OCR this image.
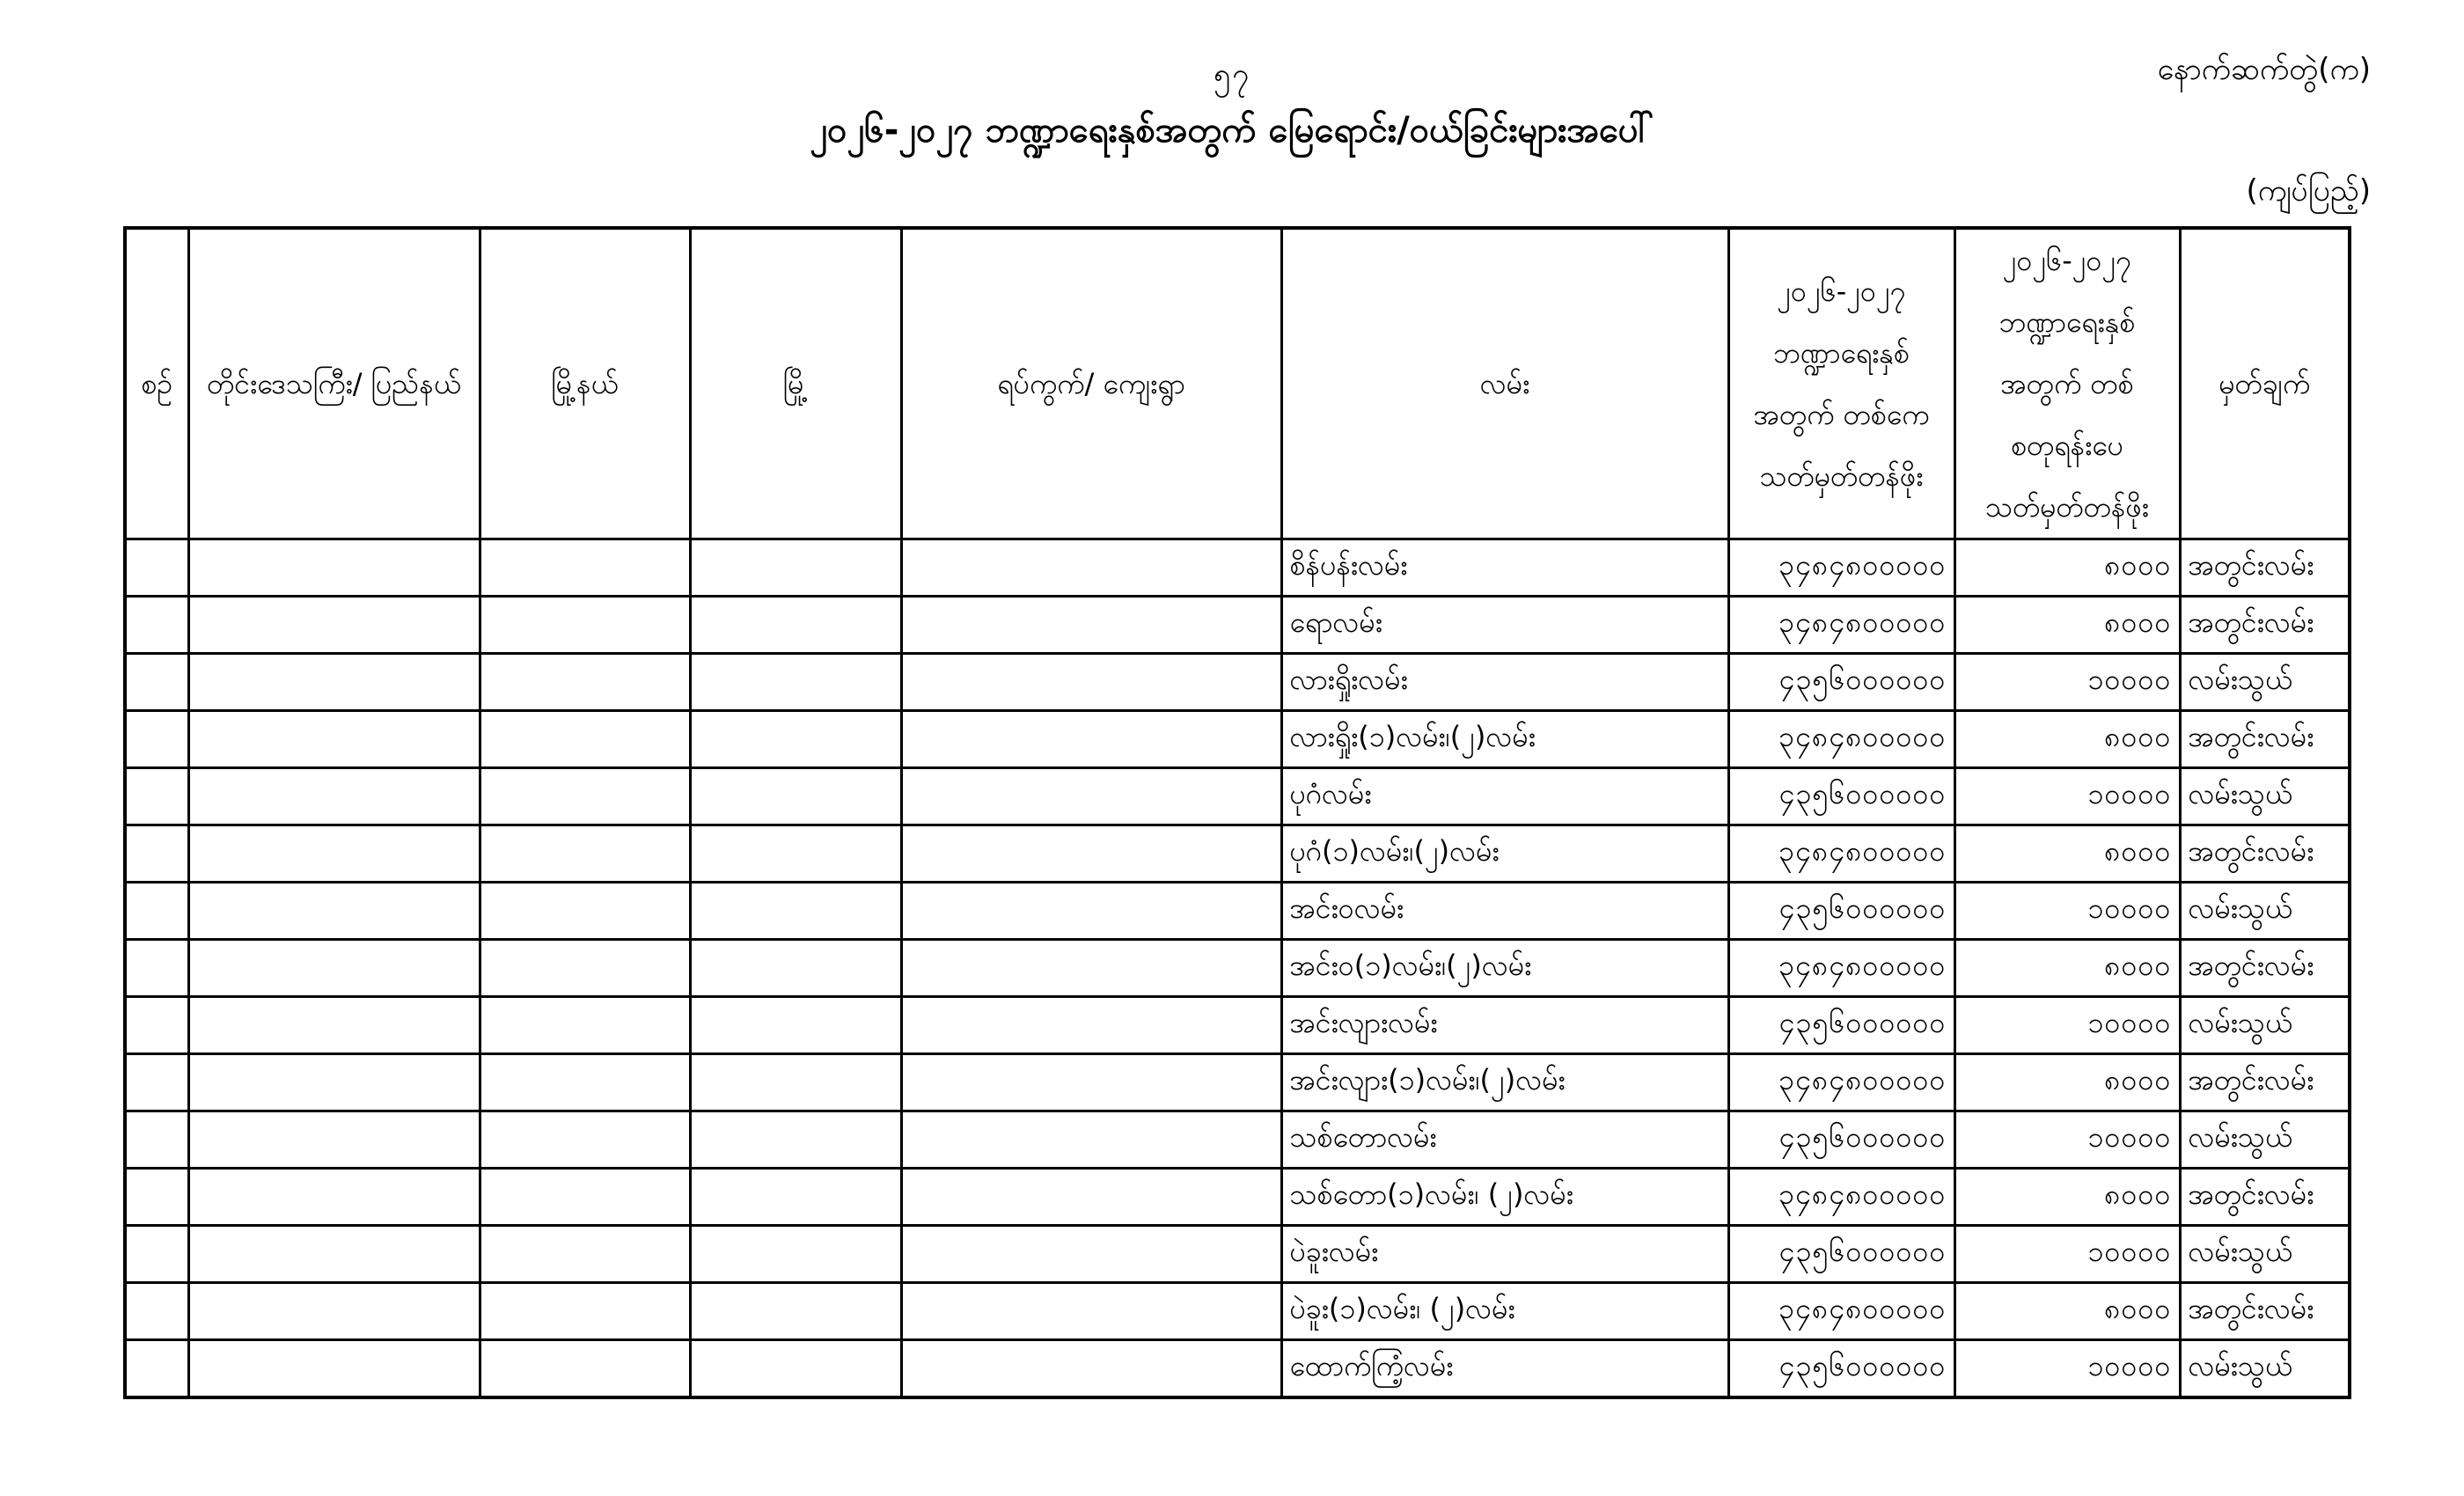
၅၇	နောက်ဆက်တွဲ(က)
၂၀၂၆-၂၀၂၇ ဘဏ္ဍာရေးနှစ်အတွက် မြေရောင်း/ဝယ်ခြင်းများအပေါ်
(ကျပ်ပြည့်)
စဉ်	တိုင်းဒေသကြီး/ ပြည်နယ်	မြို့နယ်	မြို့	ရပ်ကွက်/ ကျေးရွာ	လမ်း	၂၀၂၆-၂၀၂၇ ဘဏ္ဍာရေးနှစ် အတွက် တစ်ကေ သတ်မှတ်တန်ဖိုး	၂၀၂၆-၂၀၂၇ ဘဏ္ဍာရေးနှစ် အတွက် တစ်စတုရန်းပေ သတ်မှတ်တန်ဖိုး	မှတ်ချက်
					စိန်ပန်းလမ်း	၃၄၈၄၈၀၀၀၀၀	၈၀၀၀	အတွင်းလမ်း
					ရောလမ်း	၃၄၈၄၈၀၀၀၀၀	၈၀၀၀	အတွင်းလမ်း
					လားရှိုးလမ်း	၄၃၅၆၀၀၀၀၀၀	၁၀၀၀၀	လမ်းသွယ်
					လားရှိုး(၁)လမ်း၊(၂)လမ်း	၃၄၈၄၈၀၀၀၀၀	၈၀၀၀	အတွင်းလမ်း
					ပုဂံလမ်း	၄၃၅၆၀၀၀၀၀၀	၁၀၀၀၀	လမ်းသွယ်
					ပုဂံ(၁)လမ်း၊(၂)လမ်း	၃၄၈၄၈၀၀၀၀၀	၈၀၀၀	အတွင်းလမ်း
					အင်းဝလမ်း	၄၃၅၆၀၀၀၀၀၀	၁၀၀၀၀	လမ်းသွယ်
					အင်းဝ(၁)လမ်း၊(၂)လမ်း	၃၄၈၄၈၀၀၀၀၀	၈၀၀၀	အတွင်းလမ်း
					အင်းလျားလမ်း	၄၃၅၆၀၀၀၀၀၀	၁၀၀၀၀	လမ်းသွယ်
					အင်းလျား(၁)လမ်း၊(၂)လမ်း	၃၄၈၄၈၀၀၀၀၀	၈၀၀၀	အတွင်းလမ်း
					သစ်တောလမ်း	၄၃၅၆၀၀၀၀၀၀	၁၀၀၀၀	လမ်းသွယ်
					သစ်တော(၁)လမ်း၊ (၂)လမ်း	၃၄၈၄၈၀၀၀၀၀	၈၀၀၀	အတွင်းလမ်း
					ပဲခူးလမ်း	၄၃၅၆၀၀၀၀၀၀	၁၀၀၀၀	လမ်းသွယ်
					ပဲခူး(၁)လမ်း၊ (၂)လမ်း	၃၄၈၄၈၀၀၀၀၀	၈၀၀၀	အတွင်းလမ်း
					ထောက်ကြံ့လမ်း	၄၃၅၆၀၀၀၀၀၀	၁၀၀၀၀	လမ်းသွယ်
